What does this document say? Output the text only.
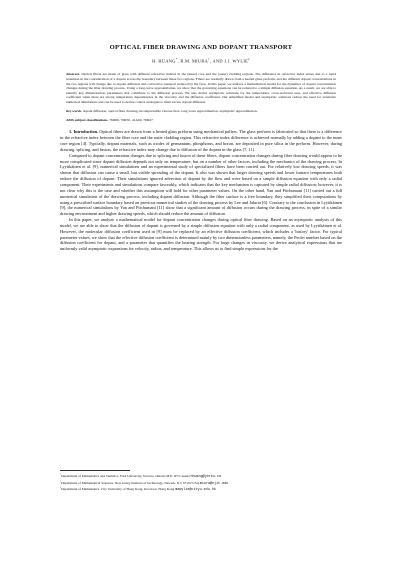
OPTICAL FIBER DRAWING AND DOPANT TRANSPORT
H. HUANG*, R.M. MIURA†, AND J.J. WYLIE‡
Abstract. Optical fibers are made of glass with different refractive indices in the (inner) core and the (outer) cladding regions. The difference in refractive index arises due to a rapid transition in the concentration of a dopant across the boundary between these two regions. Fibers are normally drawn from a heated glass preform, and the different dopant concentrations in the two regions will change due to dopant diffusion and convective transport induced by the flow. In this paper, we analyze a mathematical model for the dynamics of dopant concentration changes during the fiber drawing process. Using a long-wave approximation, we show that the governing equations can be reduced to a simple diffusion equation. As a result, we are able to identify key dimensionless parameters that contribute to the diffusion process. We also derive asymptotic solutions for the temperature, cross-sectional area, and effective diffusion coefficient when there are strong temperature dependencies in the viscosity and the diffusion coefficient. Our simplified model and asymptotic solutions reduce the need for extensive numerical simulations and can be used to devise control strategies to limit excess dopant diffusion.
Key words. dopant diffusion, optical fiber drawing, incompressible viscous flow, long wave approximation, asymptotic approximation.
AMS subject classifications. 76D99, 76R50, 41A60, 76D27

1. Introduction. Optical fibers are drawn from a heated glass preform using mechanical pullers. The glass preform is fabricated so that there is a difference in the refractive index between the fiber core and the outer cladding region. This refractive index difference is achieved normally by adding a dopant to the inner core region [4]. Typically, dopant materials, such as oxides of germanium, phosphorus, and boron, are deposited in pure silica in the preform. However, during drawing, splicing, and fusion, the refractive index may change due to diffusion of the dopant in the glass [7, 11].

Compared to dopant concentration changes due to splicing and fusion of these fibers, dopant concentration changes during fiber drawing would appear to be more complicated since dopant diffusion depends not only on temperature, but on a number of other factors, including the mechanics of the drawing process. In Lyytikäinen et al. [9], numerical simulations and an experimental study of specialized fibers have been carried out. For relatively low drawing speeds, it was shown that diffusion can cause a small, but visible spreading of the dopant. It also was shown that larger drawing speeds and lower furnace temperatures both reduce the diffusion of dopant. Their simulations ignored advection of dopant by the flow and were based on a simple diffusion equation with only a radial component. Their experiments and simulations compare favorably, which indicates that the key mechanism is captured by simple radial diffusion; however, it is not clear why this is the case and whether this assumption will hold for other parameter values. On the other hand, Yan and Pitchumani [11] carried out a full numerical simulation of the drawing process, including dopant diffusion. Although the fiber surface is a free boundary, they simplified their computations by using a prescribed surface boundary based on previous numerical studies of the drawing process by Lee and Jaluria [6]. Contrary to the conclusion in Lyytikäinen [9], the numerical simulations by Yan and Pitchumani [11] show that a significant amount of diffusion occurs during the drawing process, in spite of a similar drawing environment and higher drawing speeds, which should reduce the amount of diffusion.

In this paper, we analyze a mathematical model for dopant concentration changes during optical fiber drawing. Based on an asymptotic analysis of this model, we are able to show that the diffusion of dopant is governed by a simple diffusion equation with only a radial component, as used by Lyytikäinen et al. However, the molecular diffusion coefficient used in [9] must be replaced by an effective diffusion coefficient, which includes a 'history' factor. For typical parameter values, we show that the effective diffusion coefficient is determined mainly by two dimensionless parameters, namely, the Peclet number based on the diffusion coefficient for dopant, and a parameter that quantifies the heating strength. For large changes in viscosity, we derive analytical expressions that are uniformly valid asymptotic expansions for velocity, radius, and temperature. This allows us to find simple expressions for the

*Department of Mathematics and Statistics, York University, Toronto, Ontario M3J 1P3 Canada hhuang@yorku.ca
†Department of Mathematical Sciences, New Jersey Institute of Technology, Newark, N.J. 07102 USA miura@njit.edu
‡Department of Mathematics, City University of Hong Kong, Kowloon, Hong Kong mawylie@cityu.edu.hk
